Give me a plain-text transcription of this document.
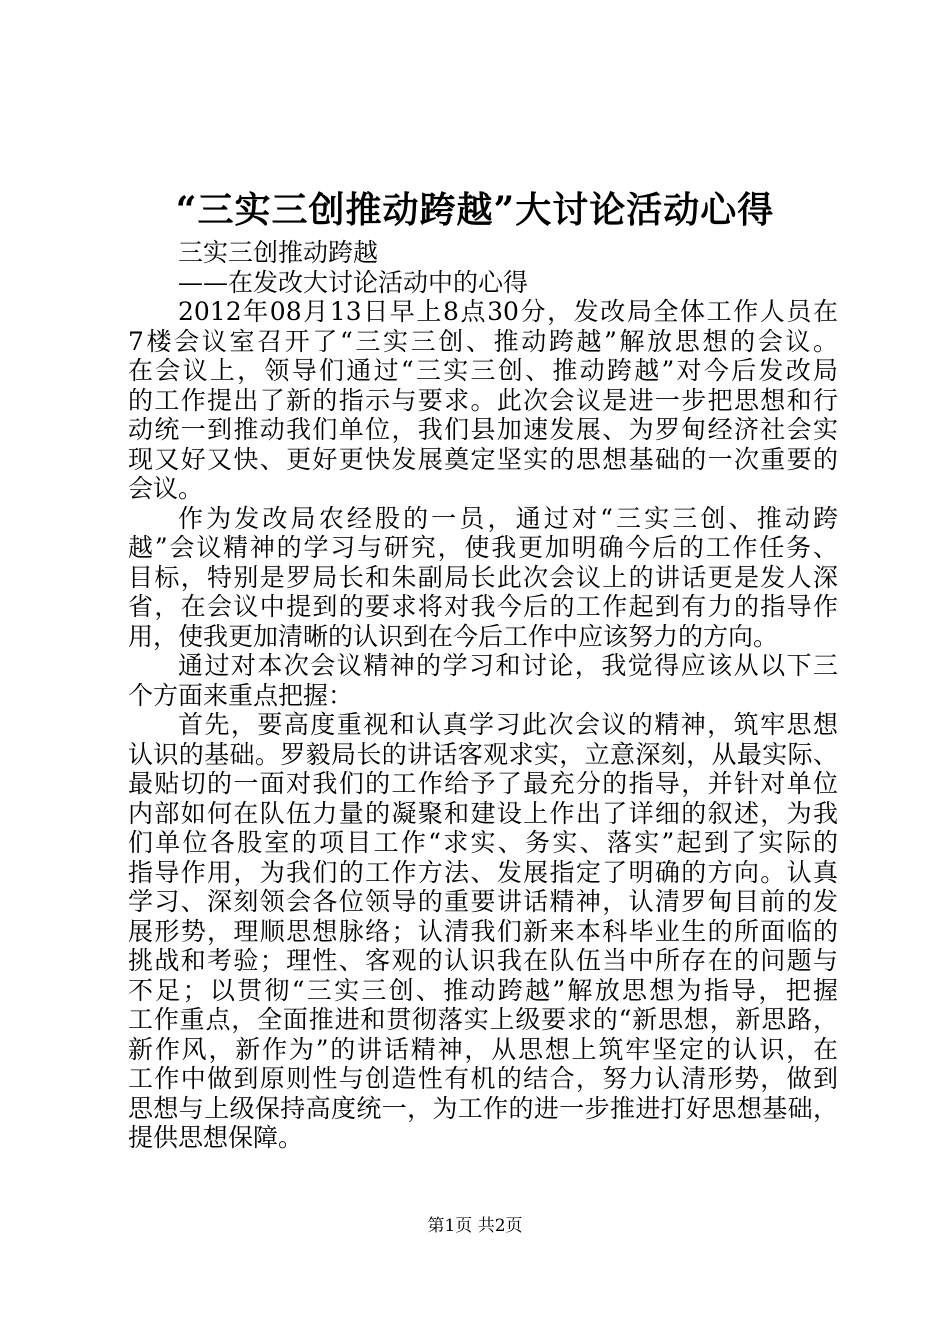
“三实三创推动跨越”大讨论活动心得
三实三创推动跨越
——在发改大讨论活动中的心得
2012年08月13日早上8点30分，发改局全体工作人员在
7楼会议室召开了“三实三创、推动跨越”解放思想的会议。
在会议上，领导们通过“三实三创、推动跨越”对今后发改局
的工作提出了新的指示与要求。此次会议是进一步把思想和行
动统一到推动我们单位，我们县加速发展、为罗甸经济社会实
现又好又快、更好更快发展奠定坚实的思想基础的一次重要的
会议。
作为发改局农经股的一员，通过对“三实三创、推动跨
越”会议精神的学习与研究，使我更加明确今后的工作任务、
目标，特别是罗局长和朱副局长此次会议上的讲话更是发人深
省，在会议中提到的要求将对我今后的工作起到有力的指导作
用，使我更加清晰的认识到在今后工作中应该努力的方向。
通过对本次会议精神的学习和讨论，我觉得应该从以下三
个方面来重点把握：
首先，要高度重视和认真学习此次会议的精神，筑牢思想
认识的基础。罗毅局长的讲话客观求实，立意深刻，从最实际、
最贴切的一面对我们的工作给予了最充分的指导，并针对单位
内部如何在队伍力量的凝聚和建设上作出了详细的叙述，为我
们单位各股室的项目工作“求实、务实、落实”起到了实际的
指导作用，为我们的工作方法、发展指定了明确的方向。认真
学习、深刻领会各位领导的重要讲话精神，认清罗甸目前的发
展形势，理顺思想脉络；认清我们新来本科毕业生的所面临的
挑战和考验；理性、客观的认识我在队伍当中所存在的问题与
不足；以贯彻“三实三创、推动跨越”解放思想为指导，把握
工作重点，全面推进和贯彻落实上级要求的“新思想，新思路，
新作风，新作为”的讲话精神，从思想上筑牢坚定的认识，在
工作中做到原则性与创造性有机的结合，努力认清形势，做到
思想与上级保持高度统一，为工作的进一步推进打好思想基础，
提供思想保障。
第1页 共2页
